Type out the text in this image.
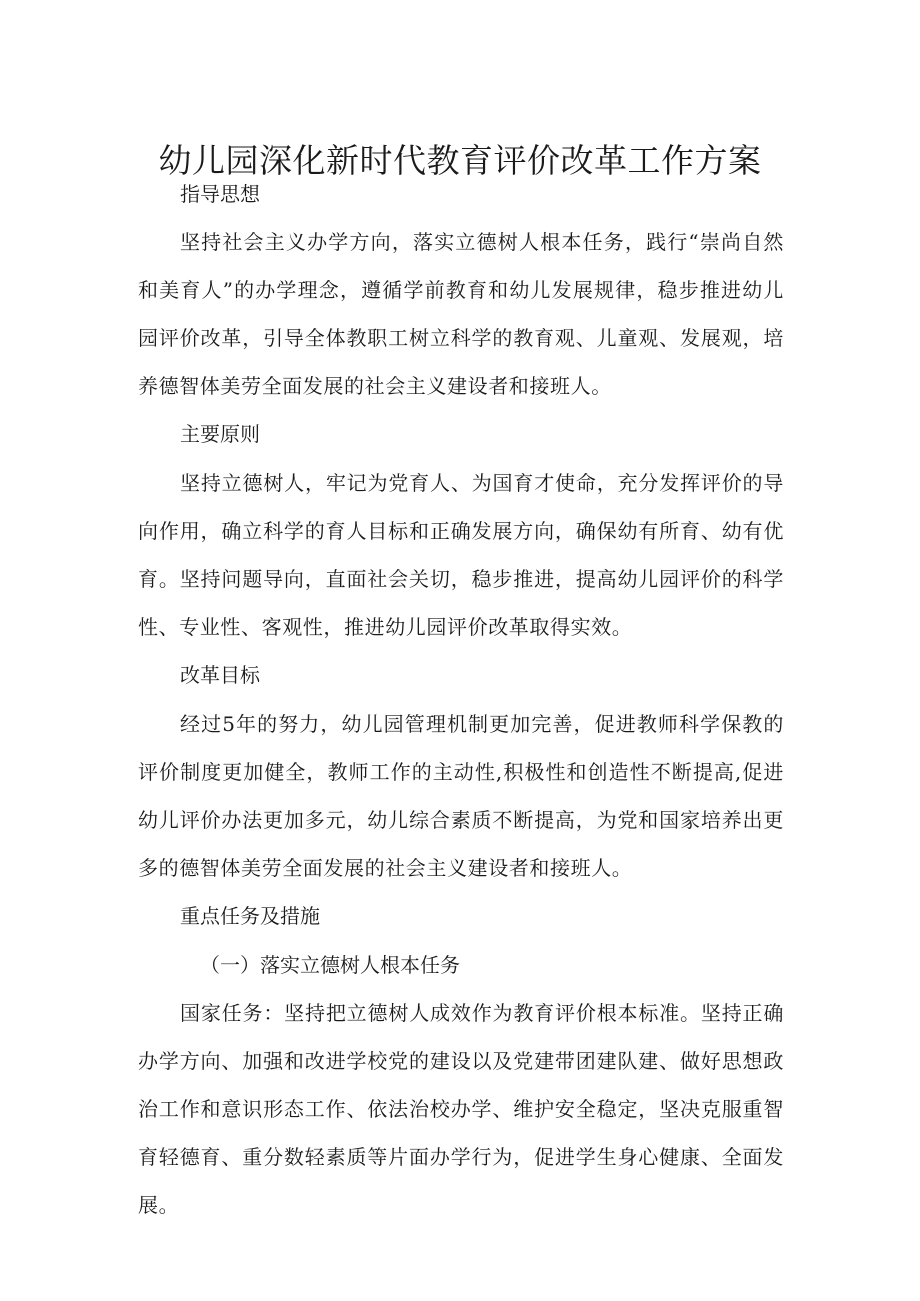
幼儿园深化新时代教育评价改革工作方案
指导思想

坚持社会主义办学方向，落实立德树人根本任务，践行“崇尚自然和美育人”的办学理念，遵循学前教育和幼儿发展规律，稳步推进幼儿园评价改革，引导全体教职工树立科学的教育观、儿童观、发展观，培养德智体美劳全面发展的社会主义建设者和接班人。

主要原则

坚持立德树人，牢记为党育人、为国育才使命，充分发挥评价的导向作用，确立科学的育人目标和正确发展方向，确保幼有所育、幼有优育。坚持问题导向，直面社会关切，稳步推进，提高幼儿园评价的科学性、专业性、客观性，推进幼儿园评价改革取得实效。

改革目标

经过5年的努力，幼儿园管理机制更加完善，促进教师科学保教的评价制度更加健全，教师工作的主动性,积极性和创造性不断提高,促进幼儿评价办法更加多元，幼儿综合素质不断提高，为党和国家培养出更多的德智体美劳全面发展的社会主义建设者和接班人。

重点任务及措施
（一）落实立德树人根本任务

国家任务：坚持把立德树人成效作为教育评价根本标准。坚持正确办学方向、加强和改进学校党的建设以及党建带团建队建、做好思想政治工作和意识形态工作、依法治校办学、维护安全稳定，坚决克服重智育轻德育、重分数轻素质等片面办学行为，促进学生身心健康、全面发展。
